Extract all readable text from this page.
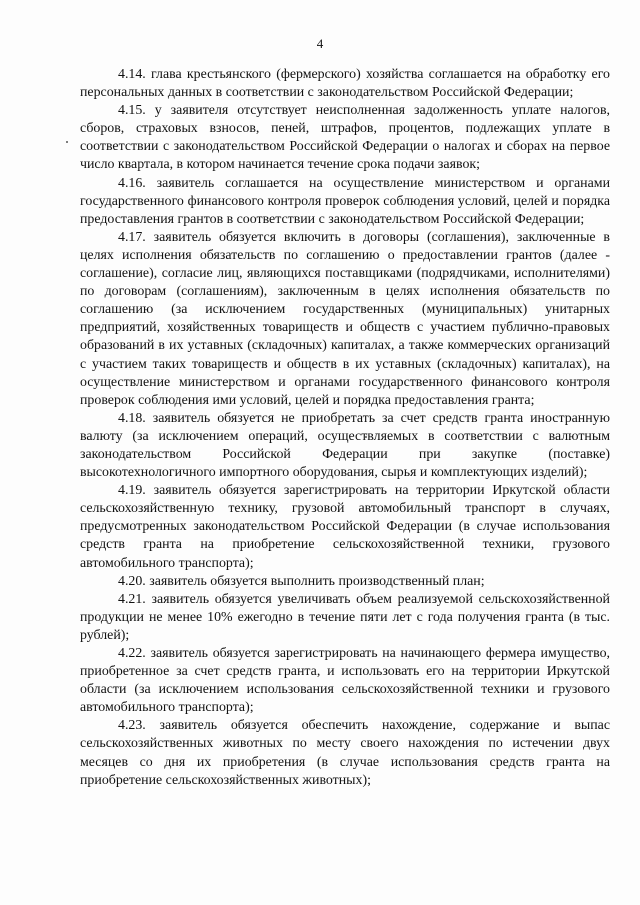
4

4.14. глава крестьянского (фермерского) хозяйства соглашается на обработку его персональных данных в соответствии с законодательством Российской Федерации;

4.15. у заявителя отсутствует неисполненная задолженность уплате налогов, сборов, страховых взносов, пеней, штрафов, процентов, подлежащих уплате в соответствии с законодательством Российской Федерации о налогах и сборах на первое число квартала, в котором начинается течение срока подачи заявок;

4.16. заявитель соглашается на осуществление министерством и органами государственного финансового контроля проверок соблюдения условий, целей и порядка предоставления грантов в соответствии с законодательством Российской Федерации;

4.17. заявитель обязуется включить в договоры (соглашения), заключенные в целях исполнения обязательств по соглашению о предоставлении грантов (далее - соглашение), согласие лиц, являющихся поставщиками (подрядчиками, исполнителями) по договорам (соглашениям), заключенным в целях исполнения обязательств по соглашению (за исключением государственных (муниципальных) унитарных предприятий, хозяйственных товариществ и обществ с участием публично-правовых образований в их уставных (складочных) капиталах, а также коммерческих организаций с участием таких товариществ и обществ в их уставных (складочных) капиталах), на осуществление министерством и органами государственного финансового контроля проверок соблюдения ими условий, целей и порядка предоставления гранта;

4.18. заявитель обязуется не приобретать за счет средств гранта иностранную валюту (за исключением операций, осуществляемых в соответствии с валютным законодательством Российской Федерации при закупке (поставке) высокотехнологичного импортного оборудования, сырья и комплектующих изделий);

4.19. заявитель обязуется зарегистрировать на территории Иркутской области сельскохозяйственную технику, грузовой автомобильный транспорт в случаях, предусмотренных законодательством Российской Федерации (в случае использования средств гранта на приобретение сельскохозяйственной техники, грузового автомобильного транспорта);

4.20. заявитель обязуется выполнить производственный план;

4.21. заявитель обязуется увеличивать объем реализуемой сельскохозяйственной продукции не менее 10% ежегодно в течение пяти лет с года получения гранта (в тыс. рублей);

4.22. заявитель обязуется зарегистрировать на начинающего фермера имущество, приобретенное за счет средств гранта, и использовать его на территории Иркутской области (за исключением использования сельскохозяйственной техники и грузового автомобильного транспорта);

4.23. заявитель обязуется обеспечить нахождение, содержание и выпас сельскохозяйственных животных по месту своего нахождения по истечении двух месяцев со дня их приобретения (в случае использования средств гранта на приобретение сельскохозяйственных животных);
